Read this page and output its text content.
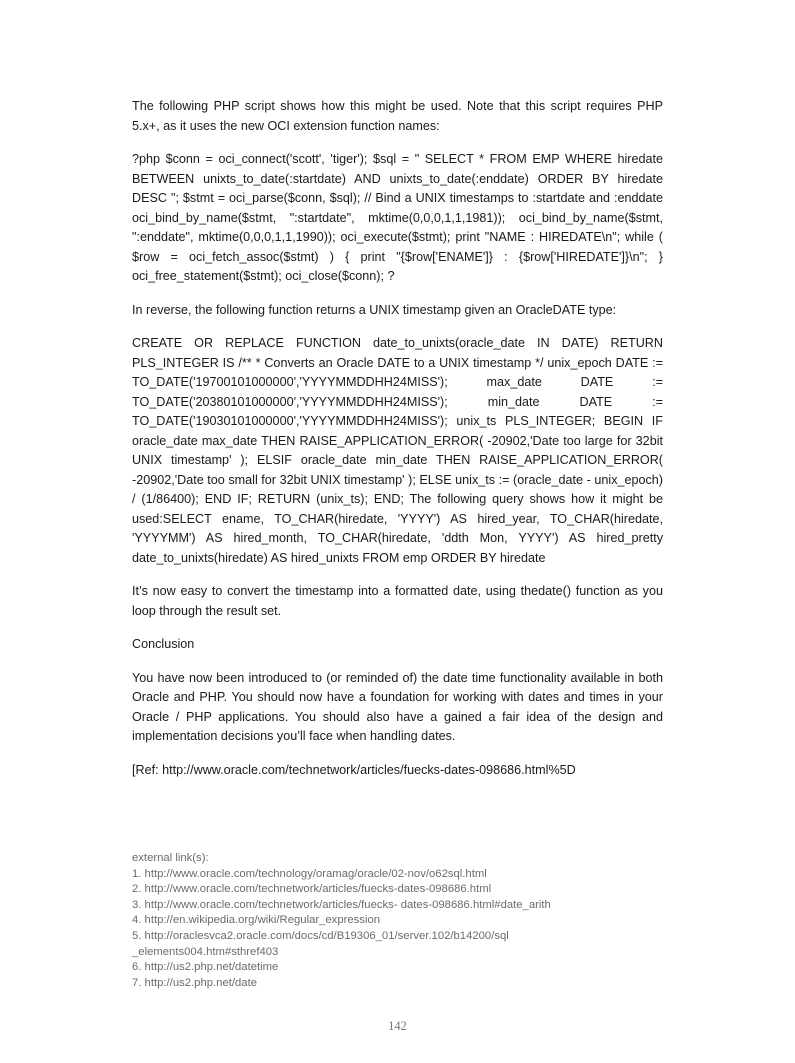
The following PHP script shows how this might be used. Note that this script requires PHP 5.x+, as it uses the new OCI extension function names:

?php $conn = oci_connect('scott', 'tiger'); $sql = " SELECT * FROM EMP WHERE hiredate BETWEEN unixts_to_date(:startdate) AND unixts_to_date(:enddate) ORDER BY hiredate DESC "; $stmt = oci_parse($conn, $sql); // Bind a UNIX timestamps to :startdate and :enddate oci_bind_by_name($stmt, ":startdate", mktime(0,0,0,1,1,1981)); oci_bind_by_name($stmt, ":enddate", mktime(0,0,0,1,1,1990)); oci_execute($stmt); print "NAME : HIREDATE\n"; while ( $row = oci_fetch_assoc($stmt) ) { print "{$row['ENAME']} : {$row['HIREDATE']}\n"; } oci_free_statement($stmt); oci_close($conn); ?

In reverse, the following function returns a UNIX timestamp given an OracleDATE type:

CREATE OR REPLACE FUNCTION date_to_unixts(oracle_date IN DATE) RETURN PLS_INTEGER IS /** * Converts an Oracle DATE to a UNIX timestamp */ unix_epoch DATE := TO_DATE('19700101000000','YYYYMMDDHH24MISS'); max_date DATE := TO_DATE('20380101000000','YYYYMMDDHH24MISS'); min_date DATE := TO_DATE('19030101000000','YYYYMMDDHH24MISS'); unix_ts PLS_INTEGER; BEGIN IF oracle_date max_date THEN RAISE_APPLICATION_ERROR( -20902,'Date too large for 32bit UNIX timestamp' ); ELSIF oracle_date min_date THEN RAISE_APPLICATION_ERROR( -20902,'Date too small for 32bit UNIX timestamp' ); ELSE unix_ts := (oracle_date - unix_epoch) / (1/86400); END IF; RETURN (unix_ts); END; The following query shows how it might be used:SELECT ename, TO_CHAR(hiredate, 'YYYY') AS hired_year, TO_CHAR(hiredate, 'YYYYMM') AS hired_month, TO_CHAR(hiredate, 'ddth Mon, YYYY') AS hired_pretty date_to_unixts(hiredate) AS hired_unixts FROM emp ORDER BY hiredate

It’s now easy to convert the timestamp into a formatted date, using thedate() function as you loop through the result set.

Conclusion

You have now been introduced to (or reminded of) the date time functionality available in both Oracle and PHP. You should now have a foundation for working with dates and times in your Oracle / PHP applications. You should also have a gained a fair idea of the design and implementation decisions you’ll face when handling dates.

[Ref: http://www.oracle.com/technetwork/articles/fuecks-dates-098686.html%5D

external link(s):
1. http://www.oracle.com/technology/oramag/oracle/02-nov/o62sql.html
2. http://www.oracle.com/technetwork/articles/fuecks-dates-098686.html
3. http://www.oracle.com/technetwork/articles/fuecks- dates-098686.html#date_arith
4. http://en.wikipedia.org/wiki/Regular_expression
5. http://oraclesvca2.oracle.com/docs/cd/B19306_01/server.102/b14200/sql
_elements004.htm#sthref403
6. http://us2.php.net/datetime
7. http://us2.php.net/date
142
